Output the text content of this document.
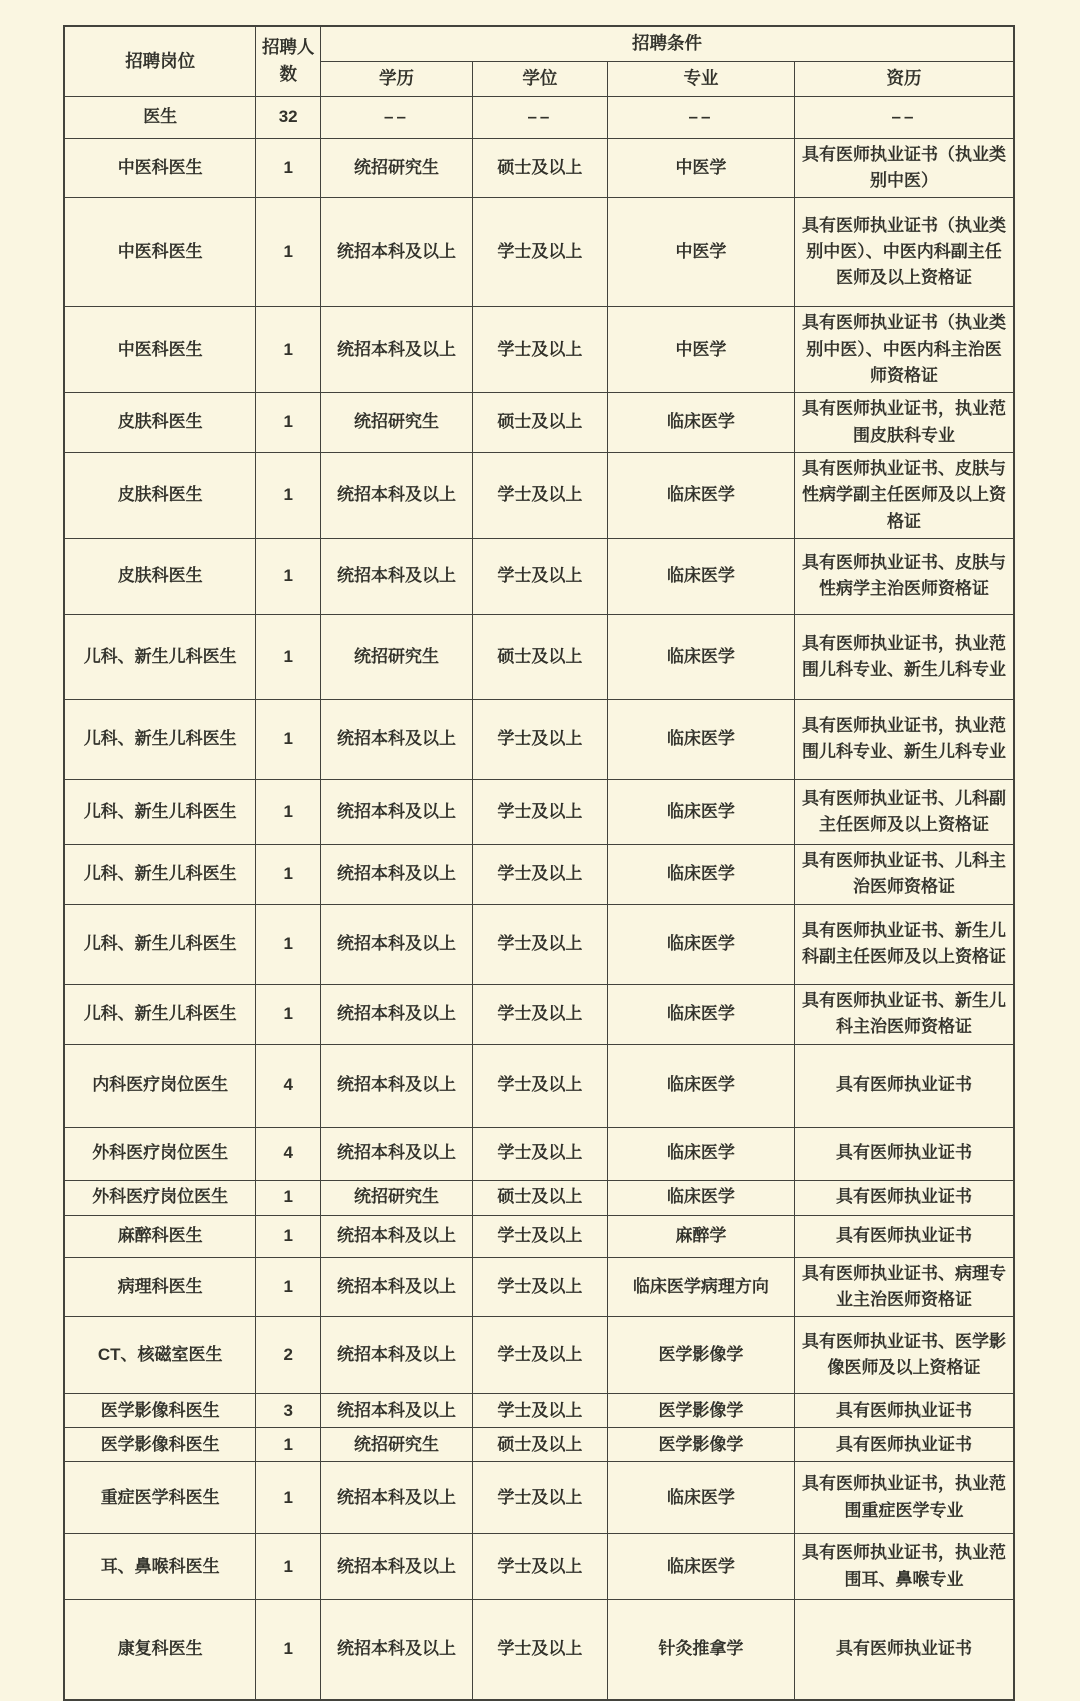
招聘岗位	招聘人数	招聘条件			
		学历	学位	专业	资历
医生	32	––	––	––	––
中医科医生	1	统招研究生	硕士及以上	中医学	具有医师执业证书（执业类别中医）
中医科医生	1	统招本科及以上	学士及以上	中医学	具有医师执业证书（执业类别中医）、中医内科副主任医师及以上资格证
中医科医生	1	统招本科及以上	学士及以上	中医学	具有医师执业证书（执业类别中医）、中医内科主治医师资格证
皮肤科医生	1	统招研究生	硕士及以上	临床医学	具有医师执业证书，执业范围皮肤科专业
皮肤科医生	1	统招本科及以上	学士及以上	临床医学	具有医师执业证书、皮肤与性病学副主任医师及以上资格证
皮肤科医生	1	统招本科及以上	学士及以上	临床医学	具有医师执业证书、皮肤与性病学主治医师资格证
儿科、新生儿科医生	1	统招研究生	硕士及以上	临床医学	具有医师执业证书，执业范围儿科专业、新生儿科专业
儿科、新生儿科医生	1	统招本科及以上	学士及以上	临床医学	具有医师执业证书，执业范围儿科专业、新生儿科专业
儿科、新生儿科医生	1	统招本科及以上	学士及以上	临床医学	具有医师执业证书、儿科副主任医师及以上资格证
儿科、新生儿科医生	1	统招本科及以上	学士及以上	临床医学	具有医师执业证书、儿科主治医师资格证
儿科、新生儿科医生	1	统招本科及以上	学士及以上	临床医学	具有医师执业证书、新生儿科副主任医师及以上资格证
儿科、新生儿科医生	1	统招本科及以上	学士及以上	临床医学	具有医师执业证书、新生儿科主治医师资格证
内科医疗岗位医生	4	统招本科及以上	学士及以上	临床医学	具有医师执业证书
外科医疗岗位医生	4	统招本科及以上	学士及以上	临床医学	具有医师执业证书
外科医疗岗位医生	1	统招研究生	硕士及以上	临床医学	具有医师执业证书
麻醉科医生	1	统招本科及以上	学士及以上	麻醉学	具有医师执业证书
病理科医生	1	统招本科及以上	学士及以上	临床医学病理方向	具有医师执业证书、病理专业主治医师资格证
CT、核磁室医生	2	统招本科及以上	学士及以上	医学影像学	具有医师执业证书、医学影像医师及以上资格证
医学影像科医生	3	统招本科及以上	学士及以上	医学影像学	具有医师执业证书
医学影像科医生	1	统招研究生	硕士及以上	医学影像学	具有医师执业证书
重症医学科医生	1	统招本科及以上	学士及以上	临床医学	具有医师执业证书，执业范围重症医学专业
耳、鼻喉科医生	1	统招本科及以上	学士及以上	临床医学	具有医师执业证书，执业范围耳、鼻喉专业
康复科医生	1	统招本科及以上	学士及以上	针灸推拿学	具有医师执业证书
